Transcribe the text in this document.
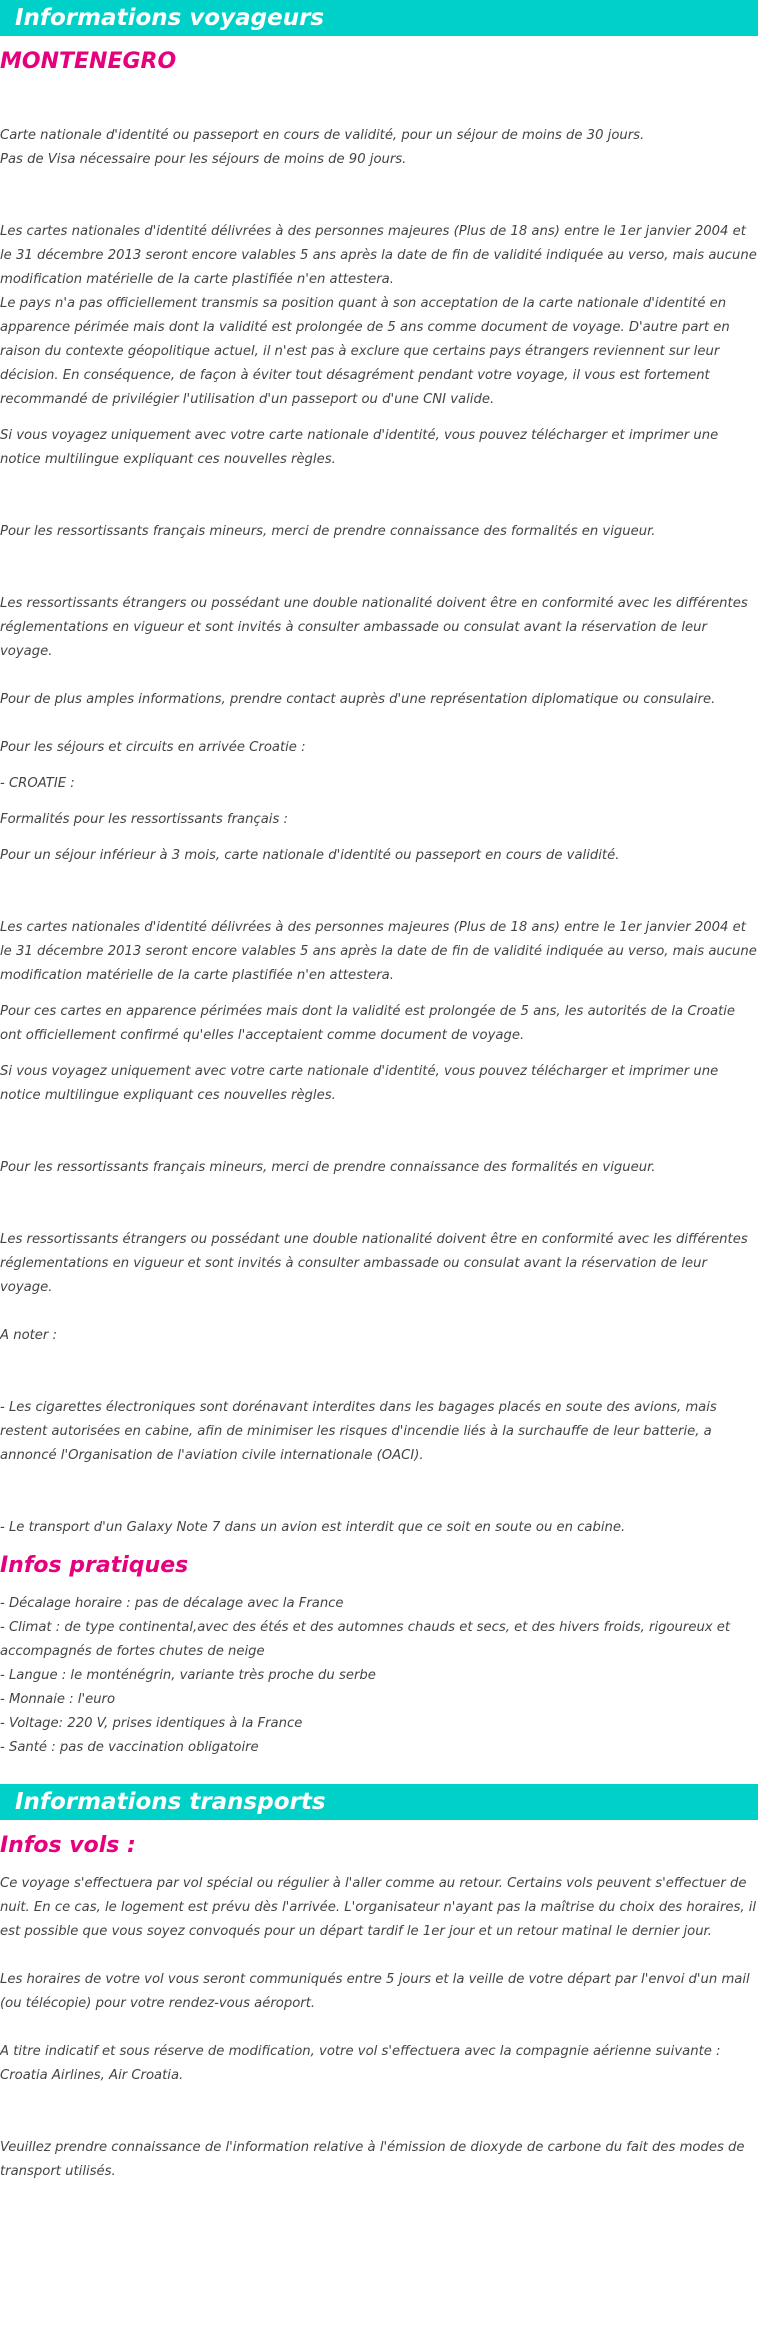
Informations voyageurs
MONTENEGRO

Carte nationale d'identité ou passeport en cours de validité, pour un séjour de moins de 30 jours.
Pas de Visa nécessaire pour les séjours de moins de 90 jours.

Les cartes nationales d'identité délivrées à des personnes majeures (Plus de 18 ans) entre le 1er janvier 2004 et le 31 décembre 2013 seront encore valables 5 ans après la date de fin de validité indiquée au verso, mais aucune modification matérielle de la carte plastifiée n'en attestera.
Le pays n'a pas officiellement transmis sa position quant à son acceptation de la carte nationale d'identité en apparence périmée mais dont la validité est prolongée de 5 ans comme document de voyage. D'autre part en raison du contexte géopolitique actuel, il n'est pas à exclure que certains pays étrangers reviennent sur leur décision. En conséquence, de façon à éviter tout désagrément pendant votre voyage, il vous est fortement recommandé de privilégier l'utilisation d'un passeport ou d'une CNI valide.

Si vous voyagez uniquement avec votre carte nationale d'identité, vous pouvez télécharger et imprimer une notice multilingue expliquant ces nouvelles règles.

Pour les ressortissants français mineurs, merci de prendre connaissance des formalités en vigueur.

Les ressortissants étrangers ou possédant une double nationalité doivent être en conformité avec les différentes réglementations en vigueur et sont invités à consulter ambassade ou consulat avant la réservation de leur voyage.

Pour de plus amples informations, prendre contact auprès d'une représentation diplomatique ou consulaire.

Pour les séjours et circuits en arrivée Croatie :

- CROATIE :

Formalités pour les ressortissants français :

Pour un séjour inférieur à 3 mois, carte nationale d'identité ou passeport en cours de validité.

Les cartes nationales d'identité délivrées à des personnes majeures (Plus de 18 ans) entre le 1er janvier 2004 et le 31 décembre 2013 seront encore valables 5 ans après la date de fin de validité indiquée au verso, mais aucune modification matérielle de la carte plastifiée n'en attestera.

Pour ces cartes en apparence périmées mais dont la validité est prolongée de 5 ans, les autorités de la Croatie ont officiellement confirmé qu'elles l'acceptaient comme document de voyage.

Si vous voyagez uniquement avec votre carte nationale d'identité, vous pouvez télécharger et imprimer une notice multilingue expliquant ces nouvelles règles.

Pour les ressortissants français mineurs, merci de prendre connaissance des formalités en vigueur.

Les ressortissants étrangers ou possédant une double nationalité doivent être en conformité avec les différentes réglementations en vigueur et sont invités à consulter ambassade ou consulat avant la réservation de leur voyage.

A noter :

- Les cigarettes électroniques sont dorénavant interdites dans les bagages placés en soute des avions, mais restent autorisées en cabine, afin de minimiser les risques d'incendie liés à la surchauffe de leur batterie, a annoncé l'Organisation de l'aviation civile internationale (OACI).

- Le transport d'un Galaxy Note 7 dans un avion est interdit que ce soit en soute ou en cabine.

Infos pratiques

- Décalage horaire : pas de décalage avec la France

- Climat : de type continental,avec des étés et des automnes chauds et secs, et des hivers froids, rigoureux et accompagnés de fortes chutes de neige

- Langue : le monténégrin, variante très proche du serbe

- Monnaie : l'euro

- Voltage: 220 V, prises identiques à la France

- Santé : pas de vaccination obligatoire

Informations transports
Infos vols :

Ce voyage s'effectuera par vol spécial ou régulier à l'aller comme au retour. Certains vols peuvent s'effectuer de nuit. En ce cas, le logement est prévu dès l'arrivée. L'organisateur n'ayant pas la maîtrise du choix des horaires, il est possible que vous soyez convoqués pour un départ tardif le 1er jour et un retour matinal le dernier jour.

Les horaires de votre vol vous seront communiqués entre 5 jours et la veille de votre départ par l'envoi d'un mail (ou télécopie) pour votre rendez-vous aéroport.

A titre indicatif et sous réserve de modification, votre vol s'effectuera avec la compagnie aérienne suivante : Croatia Airlines, Air Croatia.

Veuillez prendre connaissance de l'information relative à l'émission de dioxyde de carbone du fait des modes de transport utilisés.
